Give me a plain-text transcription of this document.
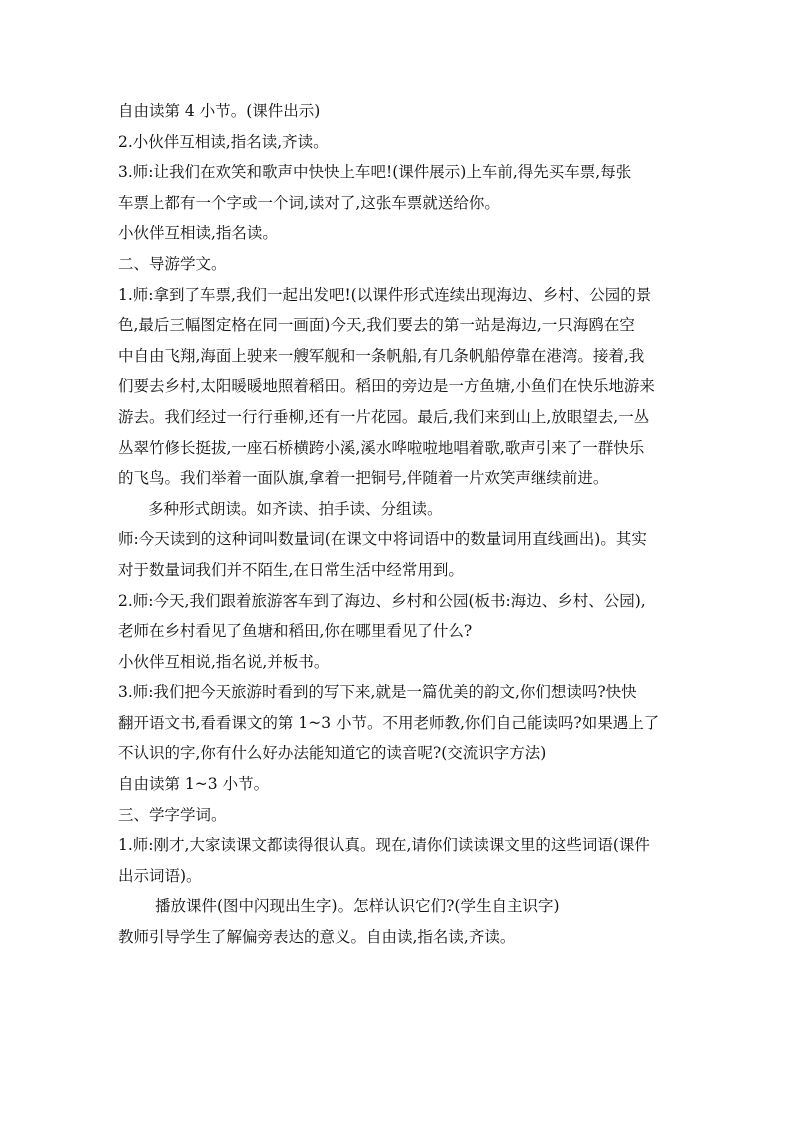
自由读第 4 小节。(课件出示)
2.小伙伴互相读,指名读,齐读。
3.师:让我们在欢笑和歌声中快快上车吧!(课件展示)上车前,得先买车票,每张
车票上都有一个字或一个词,读对了,这张车票就送给你。
小伙伴互相读,指名读。
二、导游学文。
1.师:拿到了车票,我们一起出发吧!(以课件形式连续出现海边、乡村、公园的景
色,最后三幅图定格在同一画面)今天,我们要去的第一站是海边,一只海鸥在空
中自由飞翔,海面上驶来一艘军舰和一条帆船,有几条帆船停靠在港湾。接着,我
们要去乡村,太阳暖暖地照着稻田。稻田的旁边是一方鱼塘,小鱼们在快乐地游来
游去。我们经过一行行垂柳,还有一片花园。最后,我们来到山上,放眼望去,一丛
丛翠竹修长挺拔,一座石桥横跨小溪,溪水哗啦啦地唱着歌,歌声引来了一群快乐
的飞鸟。我们举着一面队旗,拿着一把铜号,伴随着一片欢笑声继续前进。
多种形式朗读。如齐读、拍手读、分组读。
师:今天读到的这种词叫数量词(在课文中将词语中的数量词用直线画出)。其实
对于数量词我们并不陌生,在日常生活中经常用到。
2.师:今天,我们跟着旅游客车到了海边、乡村和公园(板书:海边、乡村、公园),
老师在乡村看见了鱼塘和稻田,你在哪里看见了什么?
小伙伴互相说,指名说,并板书。
3.师:我们把今天旅游时看到的写下来,就是一篇优美的韵文,你们想读吗?快快
翻开语文书,看看课文的第 1~3 小节。不用老师教,你们自己能读吗?如果遇上了
不认识的字,你有什么好办法能知道它的读音呢?(交流识字方法)
自由读第 1~3 小节。
三、学字学词。
1.师:刚才,大家读课文都读得很认真。现在,请你们读读课文里的这些词语(课件
出示词语)。
播放课件(图中闪现出生字)。怎样认识它们?(学生自主识字)
教师引导学生了解偏旁表达的意义。自由读,指名读,齐读。
